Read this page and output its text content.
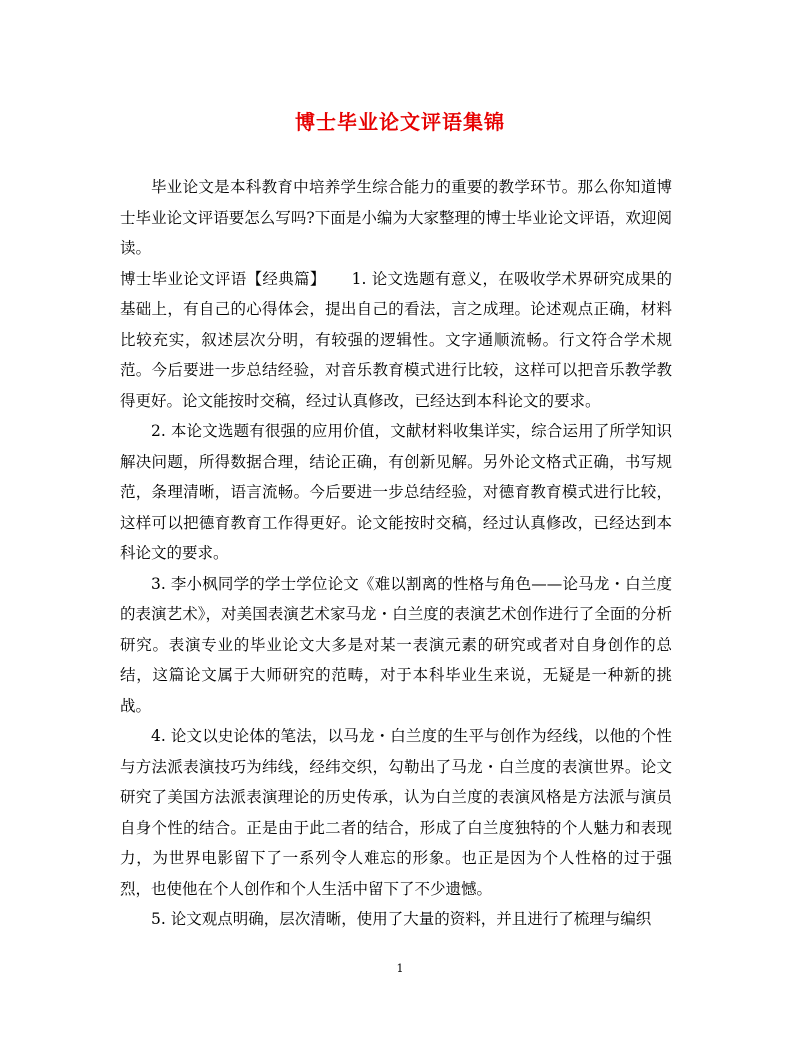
博士毕业论文评语集锦

毕业论文是本科教育中培养学生综合能力的重要的教学环节。那么你知道博士毕业论文评语要怎么写吗?下面是小编为大家整理的博士毕业论文评语，欢迎阅读。

博士毕业论文评语【经典篇】 1. 论文选题有意义，在吸收学术界研究成果的基础上，有自己的心得体会，提出自己的看法，言之成理。论述观点正确，材料比较充实，叙述层次分明，有较强的逻辑性。文字通顺流畅。行文符合学术规范。今后要进一步总结经验，对音乐教育模式进行比较，这样可以把音乐教学教得更好。论文能按时交稿，经过认真修改，已经达到本科论文的要求。

2. 本论文选题有很强的应用价值，文献材料收集详实，综合运用了所学知识解决问题，所得数据合理，结论正确，有创新见解。另外论文格式正确，书写规范，条理清晰，语言流畅。今后要进一步总结经验，对德育教育模式进行比较，这样可以把德育教育工作得更好。论文能按时交稿，经过认真修改，已经达到本科论文的要求。

3. 李小枫同学的学士学位论文《难以割离的性格与角色——论马龙・白兰度的表演艺术》，对美国表演艺术家马龙・白兰度的表演艺术创作进行了全面的分析研究。表演专业的毕业论文大多是对某一表演元素的研究或者对自身创作的总结，这篇论文属于大师研究的范畴，对于本科毕业生来说，无疑是一种新的挑战。

4. 论文以史论体的笔法，以马龙・白兰度的生平与创作为经线，以他的个性与方法派表演技巧为纬线，经纬交织，勾勒出了马龙・白兰度的表演世界。论文研究了美国方法派表演理论的历史传承，认为白兰度的表演风格是方法派与演员自身个性的结合。正是由于此二者的结合，形成了白兰度独特的个人魅力和表现力，为世界电影留下了一系列令人难忘的形象。也正是因为个人性格的过于强烈，也使他在个人创作和个人生活中留下了不少遗憾。

5. 论文观点明确，层次清晰，使用了大量的资料，并且进行了梳理与编织

1
